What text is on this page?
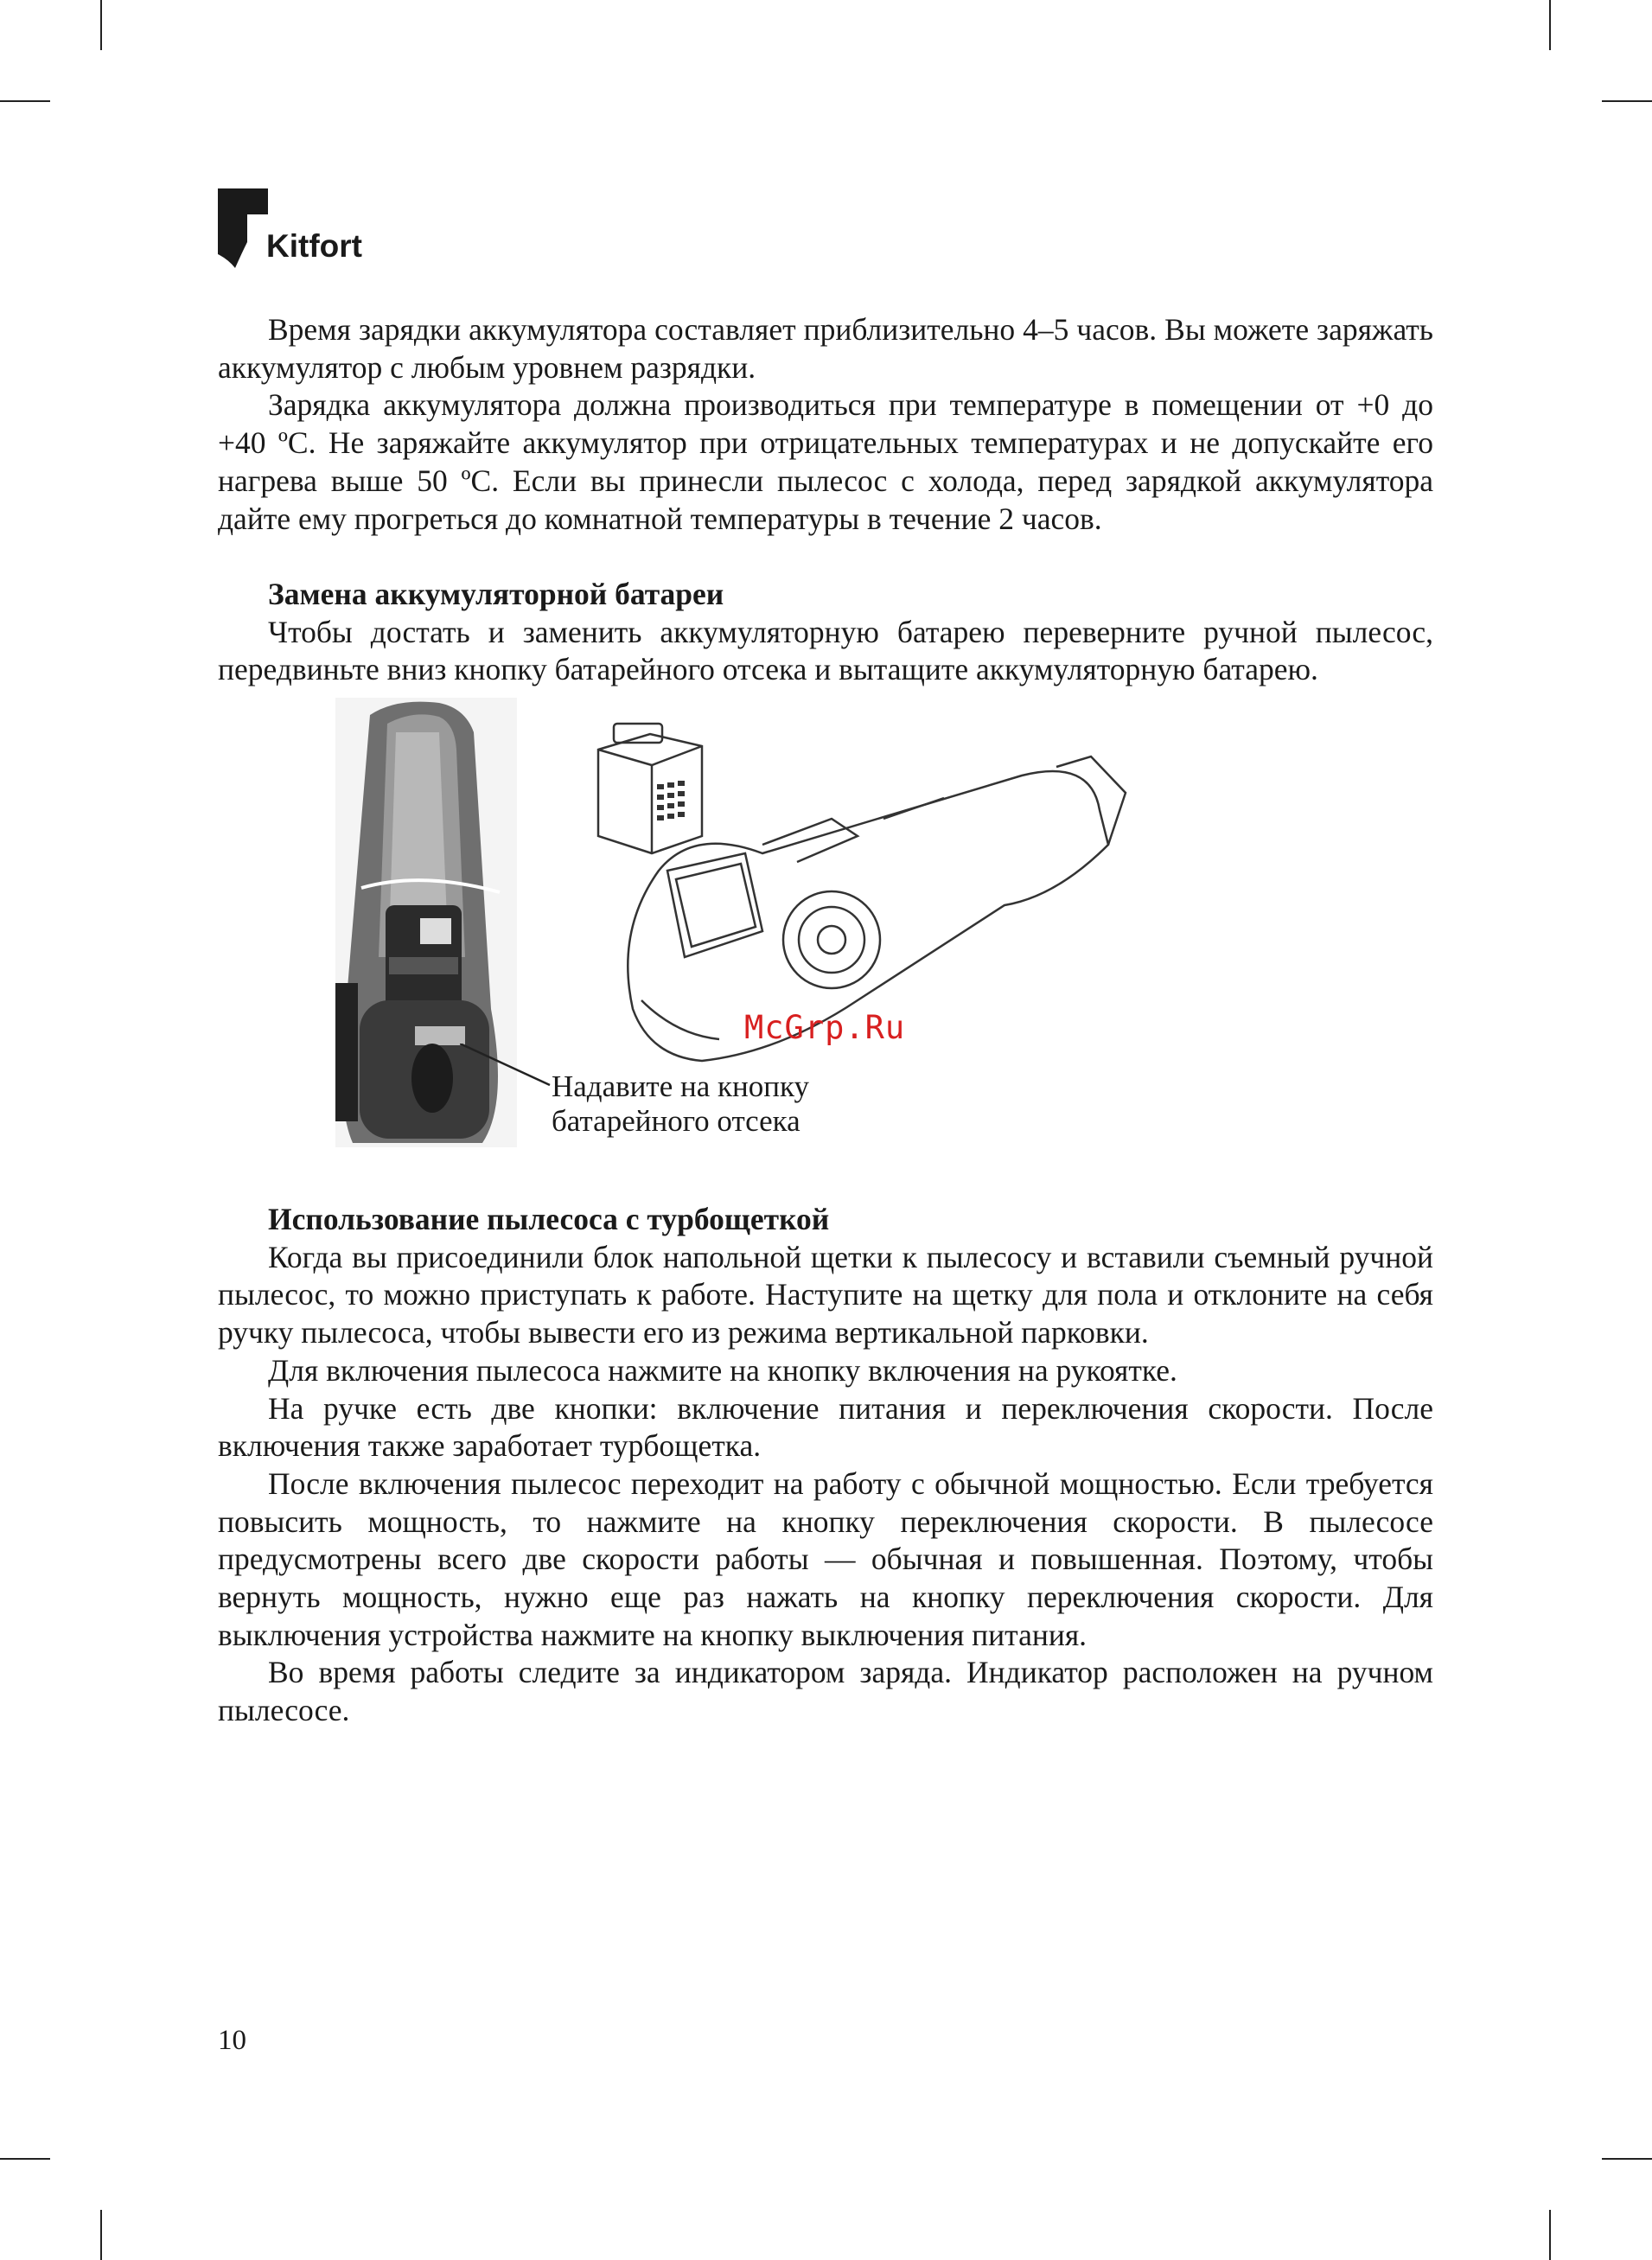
Kitfort

Время зарядки аккумулятора составляет приблизительно 4–5 часов. Вы можете заряжать аккумулятор с любым уровнем разрядки.

Зарядка аккумулятора должна производиться при температуре в помещении от +0 до +40 ºС. Не заряжайте аккумулятор при отрицательных температурах и не допускайте его нагрева выше 50 ºС. Если вы принесли пылесос с холода, перед зарядкой аккумулятора дайте ему прогреться до комнатной температуры в течение 2 часов.

Замена аккумуляторной батареи

Чтобы достать и заменить аккумуляторную батарею переверните ручной пылесос, передвиньте вниз кнопку батарейного отсека и вытащите аккумуляторную батарею.

McGrp.Ru
Надавите на кнопку
батарейного отсека
Использование пылесоса с турбощеткой

Когда вы присоединили блок напольной щетки к пылесосу и вставили съемный ручной пылесос, то можно приступать к работе. Наступите на щетку для пола и отклоните на себя ручку пылесоса, чтобы вывести его из режима вертикальной парковки.

Для включения пылесоса нажмите на кнопку включения на рукоятке.

На ручке есть две кнопки: включение питания и переключения скорости. После включения также заработает турбощетка.

После включения пылесос переходит на работу с обычной мощностью. Если требуется повысить мощность, то нажмите на кнопку переключения скорости. В пылесосе предусмотрены всего две скорости работы — обычная и повышенная. Поэтому, чтобы вернуть мощность, нужно еще раз нажать на кнопку переключения скорости. Для выключения устройства нажмите на кнопку выключения питания.

Во время работы следите за индикатором заряда. Индикатор расположен на ручном пылесосе.

10
